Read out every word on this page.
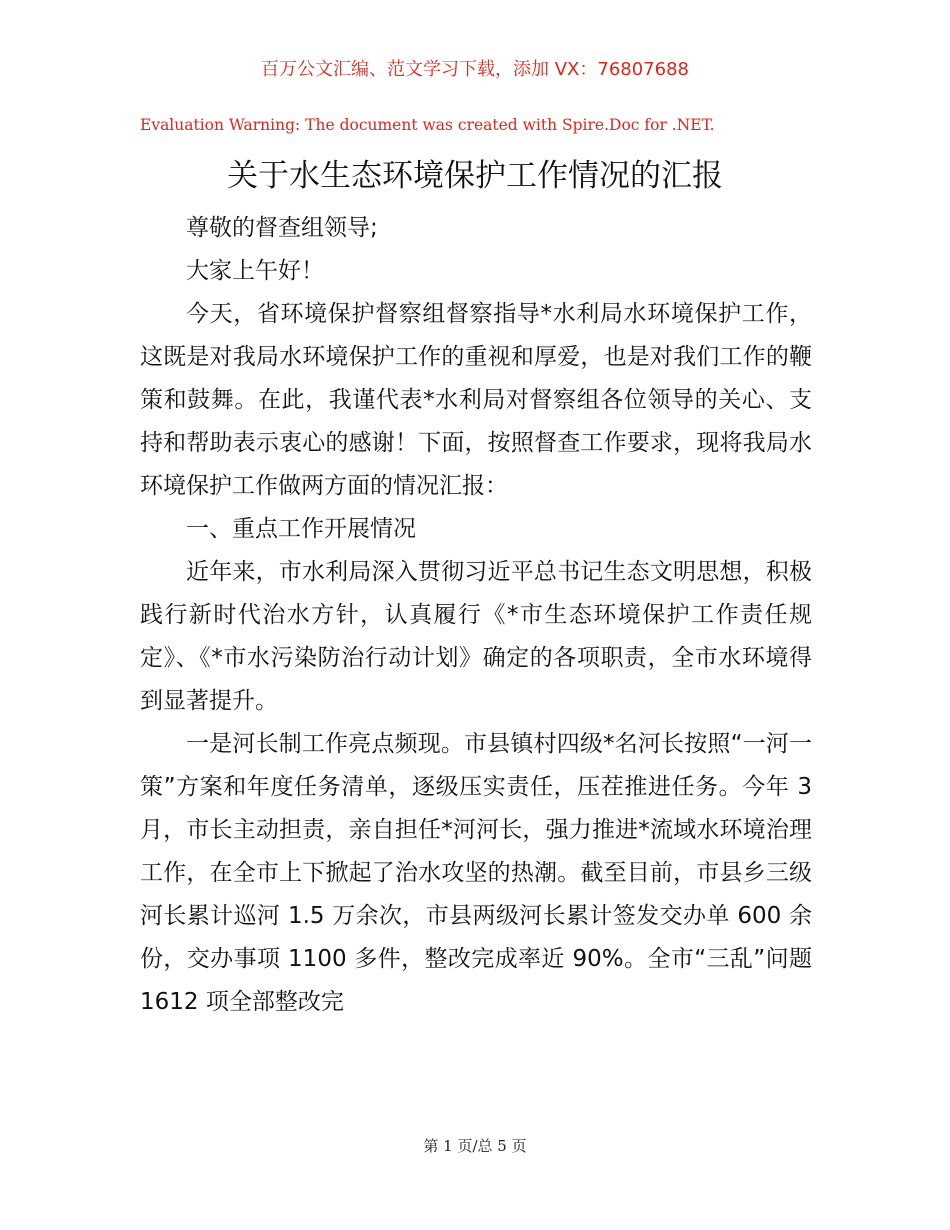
百万公文汇编、范文学习下载，添加 VX：76807688
Evaluation Warning: The document was created with Spire.Doc for .NET.
关于水生态环境保护工作情况的汇报

尊敬的督查组领导;

大家上午好！

今天，省环境保护督察组督察指导*水利局水环境保护工作，这既是对我局水环境保护工作的重视和厚爱，也是对我们工作的鞭策和鼓舞。在此，我谨代表*水利局对督察组各位领导的关心、支持和帮助表示衷心的感谢！下面，按照督查工作要求，现将我局水环境保护工作做两方面的情况汇报：

一、重点工作开展情况

近年来，市水利局深入贯彻习近平总书记生态文明思想，积极践行新时代治水方针，认真履行《*市生态环境保护工作责任规定》、《*市水污染防治行动计划》确定的各项职责，全市水环境得到显著提升。

一是河长制工作亮点频现。市县镇村四级*名河长按照“一河一策”方案和年度任务清单，逐级压实责任，压茬推进任务。今年 3 月，市长主动担责，亲自担任*河河长，强力推进*流域水环境治理工作，在全市上下掀起了治水攻坚的热潮。截至目前，市县乡三级河长累计巡河 1.5 万余次，市县两级河长累计签发交办单 600 余份，交办事项 1100 多件，整改完成率近 90%。全市“三乱”问题 1612 项全部整改完

第 1 页/总 5 页
